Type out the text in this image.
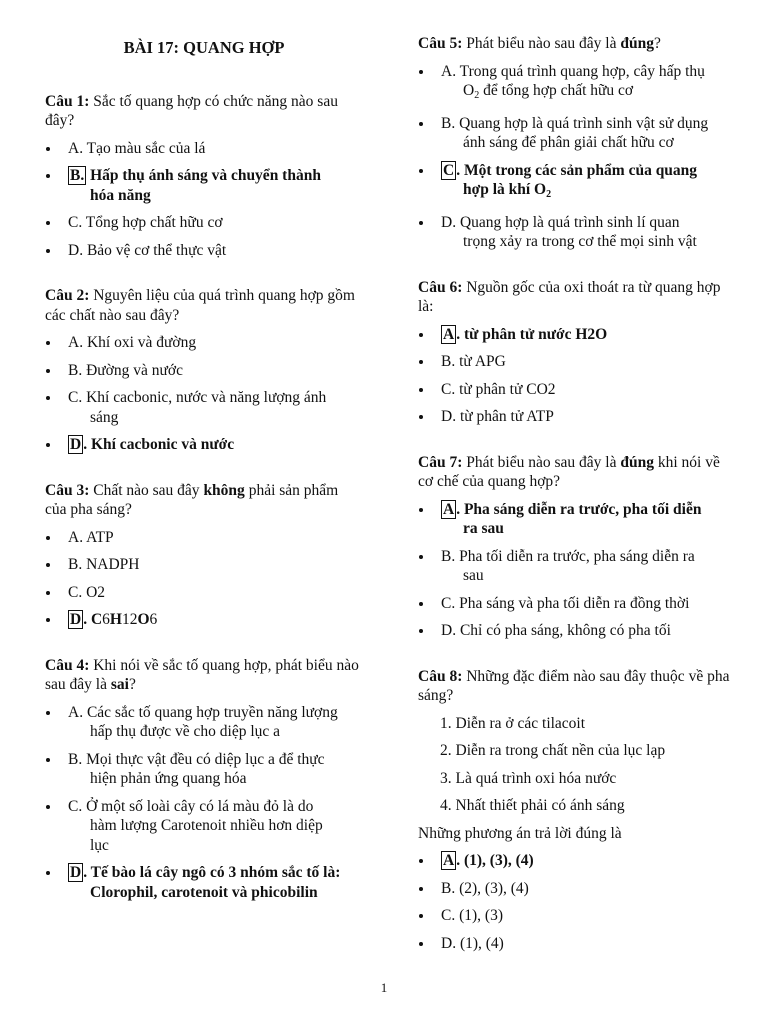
BÀI 17: QUANG HỢP
Câu 1: Sắc tố quang hợp có chức năng nào sau đây?
A. Tạo màu sắc của lá
B. Hấp thụ ánh sáng và chuyển thành
hóa năng
C. Tổng hợp chất hữu cơ
D. Bảo vệ cơ thể thực vật
Câu 2: Nguyên liệu của quá trình quang hợp gồm các chất nào sau đây?
A. Khí oxi và đường
B. Đường và nước
C. Khí cacbonic, nước và năng lượng ánh
sáng
D . Khí cacbonic và nước
Câu 3: Chất nào sau đây không phải sản phẩm của pha sáng?
A. ATP
B. NADPH
C. O2
D . C6H12O6
Câu 4: Khi nói về sắc tố quang hợp, phát biểu nào sau đây là sai?
A. Các sắc tố quang hợp truyền năng lượng
hấp thụ được về cho diệp lục a
B. Mọi thực vật đều có diệp lục a để thực
hiện phản ứng quang hóa
C. Ở một số loài cây có lá màu đỏ là do
hàm lượng Carotenoit nhiều hơn diệp
lục
D . Tế bào lá cây ngô có 3 nhóm sắc tố là:
Clorophil, carotenoit và phicobilin
Câu 5: Phát biểu nào sau đây là đúng?
A. Trong quá trình quang hợp, cây hấp thụ
$O_2$ để tổng hợp chất hữu cơ
B. Quang hợp là quá trình sinh vật sử dụng
ánh sáng để phân giải chất hữu cơ
C . Một trong các sản phẩm của quang
hợp là khí $O_2$
D. Quang hợp là quá trình sinh lí quan
trọng xảy ra trong cơ thể mọi sinh vật
Câu 6: Nguồn gốc của oxi thoát ra từ quang hợp là:
A . từ phân tử nước H2O
B. từ APG
C. từ phân tử CO2
D. từ phân tử ATP
Câu 7: Phát biểu nào sau đây là đúng khi nói về cơ chế của quang hợp?
A . Pha sáng diễn ra trước, pha tối diễn
ra sau
B. Pha tối diễn ra trước, pha sáng diễn ra
sau
C. Pha sáng và pha tối diễn ra đồng thời
D. Chỉ có pha sáng, không có pha tối
Câu 8: Những đặc điểm nào sau đây thuộc về pha sáng?
1. Diễn ra ở các tilacoit
2. Diễn ra trong chất nền của lục lạp
3. Là quá trình oxi hóa nước
4. Nhất thiết phải có ánh sáng
Những phương án trả lời đúng là
A . (1), (3), (4)
B. (2), (3), (4)
C. (1), (3)
D. (1), (4)
1
